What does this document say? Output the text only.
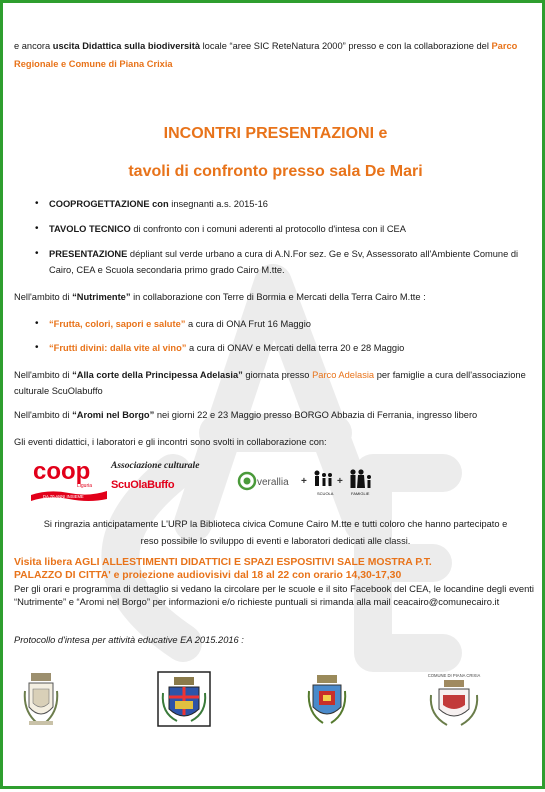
e ancora uscita Didattica sulla biodiversità locale “aree SIC ReteNatura 2000” presso e con la collaborazione del Parco Regionale e Comune di Piana Crixia

INCONTRI PRESENTAZIONI e
tavoli di confronto presso sala De Mari
• COOPROGETTAZIONE con insegnanti a.s. 2015-16
• TAVOLO TECNICO di confronto con i comuni aderenti al protocollo d'intesa con il CEA
• PRESENTAZIONE dépliant sul verde urbano a cura di A.N.For sez. Ge e Sv, Assessorato all'Ambiente Comune di Cairo, CEA e Scuola secondaria primo grado Cairo M.tte.

Nell'ambito di “Nutrimente” in collaborazione con Terre di Bormia e Mercati della Terra Cairo M.tte :

• “Frutta, colori, sapori e salute” a cura di ONA Frut 16 Maggio
• “Frutti divini: dalla vite al vino” a cura di ONAV e Mercati della terra 20 e 28 Maggio

Nell'ambito di “Alla corte della Principessa Adelasia” giornata presso Parco Adelasia per famiglie a cura dell'associazione culturale ScuOlabuffo

Nell'ambito di “Aromi nel Borgo” nei giorni 22 e 23 Maggio presso BORGO Abbazia di Ferrania, ingresso libero

Gli eventi didattici, i laboratori e gli incontri sono svolti in collaborazione con:

coop
Liguria
DA 70 ANNI INSIEME
Associazione culturale
ScuOlaBuffo	verallia +
SCUOLA
+
FAMIGLIE

Si ringrazia anticipatamente L'URP la Biblioteca civica Comune Cairo M.tte e tutti coloro che hanno partecipato e

reso possibile lo sviluppo di eventi e laboratori dedicati alle classi.

Visita libera AGLI ALLESTIMENTI DIDATTICI E SPAZI ESPOSITIVI SALE MOSTRA P.T.

PALAZZO DI CITTA' e proiezione audiovisivi dal 18 al 22 con orario 14,30-17,30

Per gli orari e programma di dettaglio si vedano la circolare per le scuole e il sito Facebook del CEA, le locandine degli eventi “Nutrimente” e “Aromi nel Borgo” per informazioni e/o richieste puntuali si rimanda alla mail ceacairo@comunecairo.it

Protocollo d'intesa per attività educative EA 2015.2016 :

COMUNE DI PIANA CRIXIA
